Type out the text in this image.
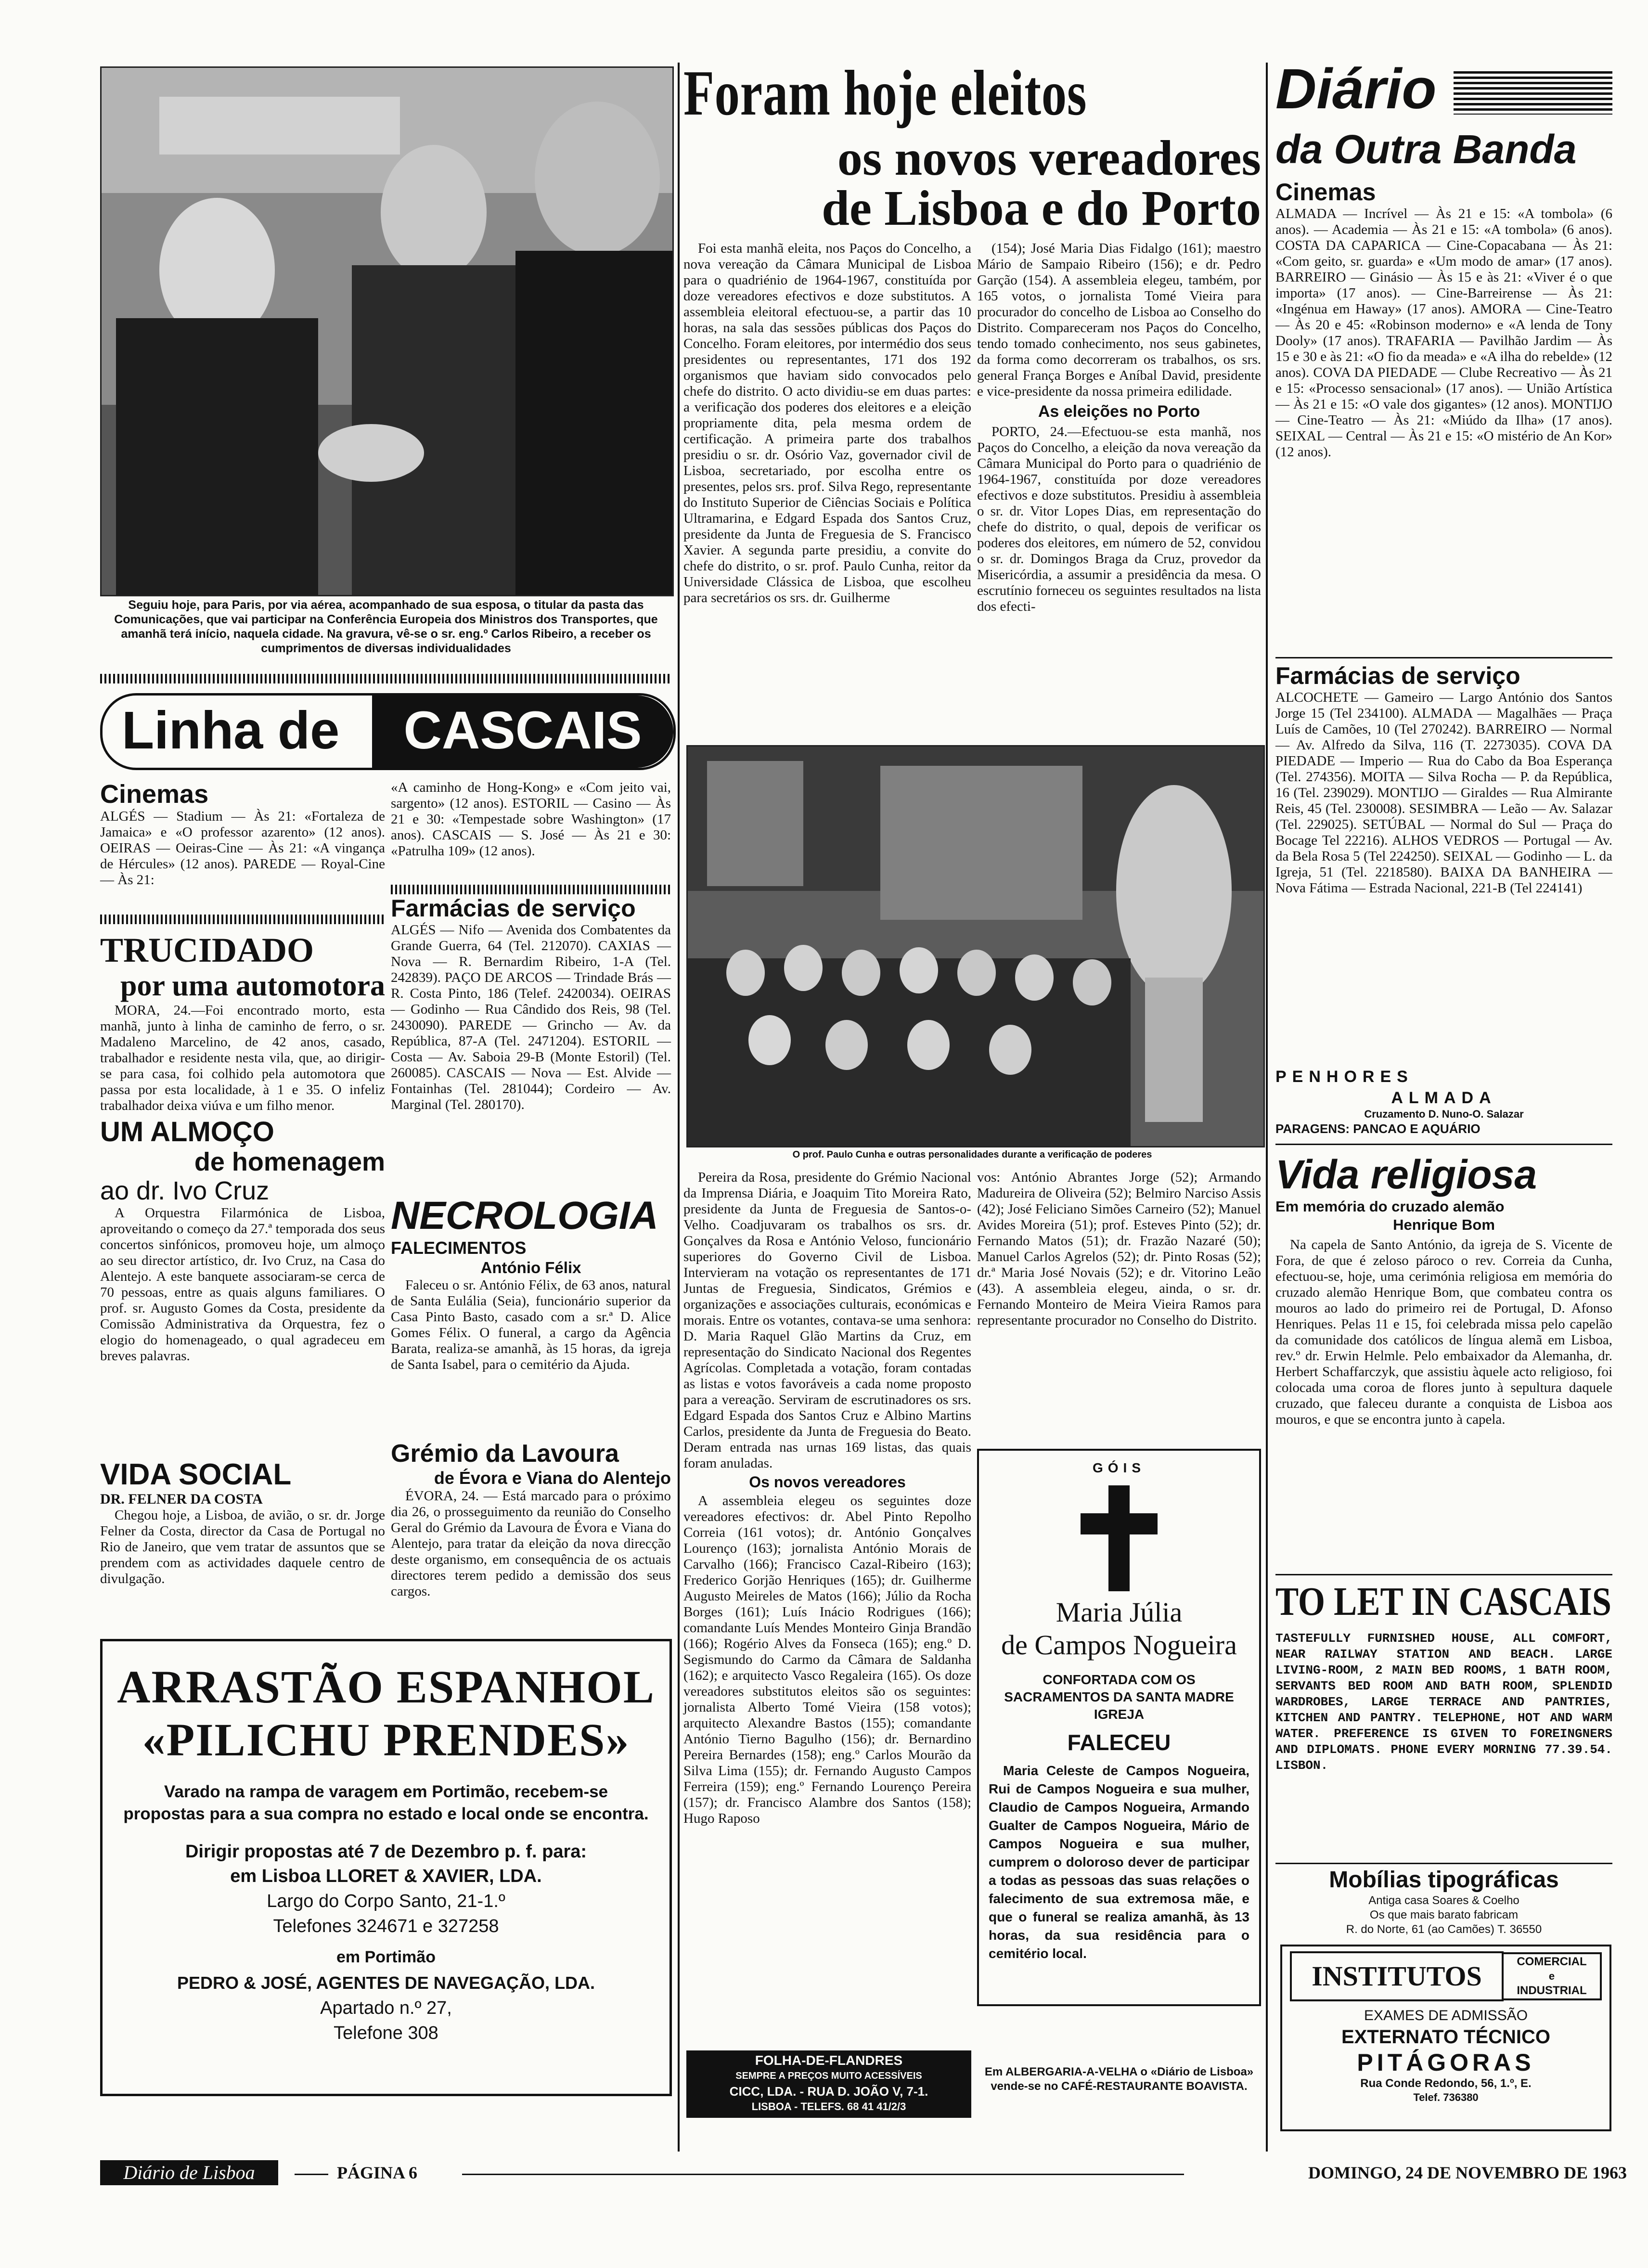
Seguiu hoje, para Paris, por via aérea, acompanhado de sua esposa, o titular da pasta das Comunicações, que vai participar na Conferência Europeia dos Ministros dos Transportes, que amanhã terá início, naquela cidade. Na gravura, vê-se o sr. eng.º Carlos Ribeiro, a receber os cumprimentos de diversas individualidades
Linha de	CASCAIS
Cinemas
ALGÉS — Stadium — Às 21: «Fortaleza de Jamaica» e «O professor azarento» (12 anos). OEIRAS — Oeiras-Cine — Às 21: «A vingança de Hércules» (12 anos). PAREDE — Royal-Cine — Às 21:
TRUCIDADO
por uma automotora
MORA, 24.—Foi encontrado morto, esta manhã, junto à linha de caminho de ferro, o sr. Madaleno Marcelino, de 42 anos, casado, trabalhador e residente nesta vila, que, ao dirigir-se para casa, foi colhido pela automotora que passa por esta localidade, à 1 e 35. O infeliz trabalhador deixa viúva e um filho menor.
UM ALMOÇO
de homenagem
ao dr. Ivo Cruz
A Orquestra Filarmónica de Lisboa, aproveitando o começo da 27.ª temporada dos seus concertos sinfónicos, promoveu hoje, um almoço ao seu director artístico, dr. Ivo Cruz, na Casa do Alentejo. A este banquete associaram-se cerca de 70 pessoas, entre as quais alguns familiares. O prof. sr. Augusto Gomes da Costa, presidente da Comissão Administrativa da Orquestra, fez o elogio do homenageado, o qual agradeceu em breves palavras.
VIDA SOCIAL
DR. FELNER DA COSTA
Chegou hoje, a Lisboa, de avião, o sr. dr. Jorge Felner da Costa, director da Casa de Portugal no Rio de Janeiro, que vem tratar de assuntos que se prendem com as actividades daquele centro de divulgação.
«A caminho de Hong-Kong» e «Com jeito vai, sargento» (12 anos). ESTORIL — Casino — Às 21 e 30: «Tempestade sobre Washington» (17 anos). CASCAIS — S. José — Às 21 e 30: «Patrulha 109» (12 anos).
Farmácias de serviço
ALGÉS — Nifo — Avenida dos Combatentes da Grande Guerra, 64 (Tel. 212070). CAXIAS — Nova — R. Bernardim Ribeiro, 1-A (Tel. 242839). PAÇO DE ARCOS — Trindade Brás — R. Costa Pinto, 186 (Telef. 2420034). OEIRAS — Godinho — Rua Cândido dos Reis, 98 (Tel. 2430090). PAREDE — Grincho — Av. da República, 87-A (Tel. 2471204). ESTORIL — Costa — Av. Saboia 29-B (Monte Estoril) (Tel. 260085). CASCAIS — Nova — Est. Alvide —Fontainhas (Tel. 281044); Cordeiro — Av. Marginal (Tel. 280170).
NECROLOGIA
FALECIMENTOS
António Félix
Faleceu o sr. António Félix, de 63 anos, natural de Santa Eulália (Seia), funcionário superior da Casa Pinto Basto, casado com a sr.ª D. Alice Gomes Félix. O funeral, a cargo da Agência Barata, realiza-se amanhã, às 15 horas, da igreja de Santa Isabel, para o cemitério da Ajuda.
Grémio da Lavoura
de Évora e Viana do Alentejo
ÉVORA, 24. — Está marcado para o próximo dia 26, o prosseguimento da reunião do Conselho Geral do Grémio da Lavoura de Évora e Viana do Alentejo, para tratar da eleição da nova direcção deste organismo, em consequência de os actuais directores terem pedido a demissão dos seus cargos.
ARRASTÃO ESPANHOL
«PILICHU PRENDES»
Varado na rampa de varagem em Portimão, recebem-se propostas para a sua compra no estado e local onde se encontra.
Dirigir propostas até 7 de Dezembro p. f. para:
em Lisboa LLORET & XAVIER, LDA.
Largo do Corpo Santo, 21-1.º
Telefones 324671 e 327258
em Portimão
PEDRO & JOSÉ, AGENTES DE NAVEGAÇÃO, LDA.
Apartado n.º 27,
Telefone 308
Foram hoje eleitos
os novos vereadores
de Lisboa e do Porto
Foi esta manhã eleita, nos Paços do Concelho, a nova vereação da Câmara Municipal de Lisboa para o quadriénio de 1964-1967, constituída por doze vereadores efectivos e doze substitutos. A assembleia eleitoral efectuou-se, a partir das 10 horas, na sala das sessões públicas dos Paços do Concelho. Foram eleitores, por intermédio dos seus presidentes ou representantes, 171 dos 192 organismos que haviam sido convocados pelo chefe do distrito. O acto dividiu-se em duas partes: a verificação dos poderes dos eleitores e a eleição propriamente dita, pela mesma ordem de certificação. A primeira parte dos trabalhos presidiu o sr. dr. Osório Vaz, governador civil de Lisboa, secretariado, por escolha entre os presentes, pelos srs. prof. Silva Rego, representante do Instituto Superior de Ciências Sociais e Política Ultramarina, e Edgard Espada dos Santos Cruz, presidente da Junta de Freguesia de S. Francisco Xavier. A segunda parte presidiu, a convite do chefe do distrito, o sr. prof. Paulo Cunha, reitor da Universidade Clássica de Lisboa, que escolheu para secretários os srs. dr. Guilherme
(154); José Maria Dias Fidalgo (161); maestro Mário de Sampaio Ribeiro (156); e dr. Pedro Garção (154). A assembleia elegeu, também, por 165 votos, o jornalista Tomé Vieira para procurador do concelho de Lisboa ao Conselho do Distrito. Compareceram nos Paços do Concelho, tendo tomado conhecimento, nos seus gabinetes, da forma como decorreram os trabalhos, os srs. general França Borges e Aníbal David, presidente e vice-presidente da nossa primeira edilidade.
As eleições no Porto
PORTO, 24.—Efectuou-se esta manhã, nos Paços do Concelho, a eleição da nova vereação da Câmara Municipal do Porto para o quadriénio de 1964-1967, constituída por doze vereadores efectivos e doze substitutos. Presidiu à assembleia o sr. dr. Vitor Lopes Dias, em representação do chefe do distrito, o qual, depois de verificar os poderes dos eleitores, em número de 52, convidou o sr. dr. Domingos Braga da Cruz, provedor da Misericórdia, a assumir a presidência da mesa. O escrutínio forneceu os seguintes resultados na lista dos efecti-
O prof. Paulo Cunha e outras personalidades durante a verificação de poderes
Pereira da Rosa, presidente do Grémio Nacional da Imprensa Diária, e Joaquim Tito Moreira Rato, presidente da Junta de Freguesia de Santos-o-Velho. Coadjuvaram os trabalhos os srs. dr. Gonçalves da Rosa e António Veloso, funcionário superiores do Governo Civil de Lisboa. Intervieram na votação os representantes de 171 Juntas de Freguesia, Sindicatos, Grémios e organizações e associações culturais, económicas e morais. Entre os votantes, contava-se uma senhora: D. Maria Raquel Glão Martins da Cruz, em representação do Sindicato Nacional dos Regentes Agrícolas. Completada a votação, foram contadas as listas e votos favoráveis a cada nome proposto para a vereação. Serviram de escrutinadores os srs. Edgard Espada dos Santos Cruz e Albino Martins Carlos, presidente da Junta de Freguesia do Beato. Deram entrada nas urnas 169 listas, das quais foram anuladas.
Os novos vereadores
A assembleia elegeu os seguintes doze vereadores efectivos: dr. Abel Pinto Repolho Correia (161 votos); dr. António Gonçalves Lourenço (163); jornalista António Morais de Carvalho (166); Francisco Cazal-Ribeiro (163); Frederico Gorjão Henriques (165); dr. Guilherme Augusto Meireles de Matos (166); Júlio da Rocha Borges (161); Luís Inácio Rodrigues (166); comandante Luís Mendes Monteiro Ginja Brandão (166); Rogério Alves da Fonseca (165); eng.º D. Segismundo do Carmo da Câmara de Saldanha (162); e arquitecto Vasco Regaleira (165). Os doze vereadores substitutos eleitos são os seguintes: jornalista Alberto Tomé Vieira (158 votos); arquitecto Alexandre Bastos (155); comandante António Tierno Bagulho (156); dr. Bernardino Pereira Bernardes (158); eng.º Carlos Mourão da Silva Lima (155); dr. Fernando Augusto Campos Ferreira (159); eng.º Fernando Lourenço Pereira (157); dr. Francisco Alambre dos Santos (158); Hugo Raposo
vos: António Abrantes Jorge (52); Armando Madureira de Oliveira (52); Belmiro Narciso Assis (42); José Feliciano Simões Carneiro (52); Manuel Avides Moreira (51); prof. Esteves Pinto (52); dr. Fernando Matos (51); dr. Frazão Nazaré (50); Manuel Carlos Agrelos (52); dr. Pinto Rosas (52); dr.ª Maria José Novais (52); e dr. Vitorino Leão (43). A assembleia elegeu, ainda, o sr. dr. Fernando Monteiro de Meira Vieira Ramos para representante procurador no Conselho do Distrito.
FOLHA-DE-FLANDRES
SEMPRE A PREÇOS MUITO ACESSÍVEIS
CICC, LDA. - RUA D. JOÃO V, 7-1.
LISBOA - TELEFS. 68 41 41/2/3
GÓIS
Maria Júlia
de Campos Nogueira
CONFORTADA COM OS SACRAMENTOS DA SANTA MADRE IGREJA
FALECEU
Maria Celeste de Campos Nogueira, Rui de Campos Nogueira e sua mulher, Claudio de Campos Nogueira, Armando Gualter de Campos Nogueira, Mário de Campos Nogueira e sua mulher, cumprem o doloroso dever de participar a todas as pessoas das suas relações o falecimento de sua extremosa mãe, e que o funeral se realiza amanhã, às 13 horas, da sua residência para o cemitério local.
Em ALBERGARIA-A-VELHA o «Diário de Lisboa» vende-se no CAFÉ-RESTAURANTE BOAVISTA.
Diário
da Outra Banda
Cinemas
ALMADA — Incrível — Às 21 e 15: «A tombola» (6 anos). — Academia — Às 21 e 15: «A tombola» (6 anos). COSTA DA CAPARICA — Cine-Copacabana — Às 21: «Com geito, sr. guarda» e «Um modo de amar» (17 anos). BARREIRO — Ginásio — Às 15 e às 21: «Viver é o que importa» (17 anos). — Cine-Barreirense — Às 21: «Ingénua em Haway» (17 anos). AMORA — Cine-Teatro — Às 20 e 45: «Robinson moderno» e «A lenda de Tony Dooly» (17 anos). TRAFARIA — Pavilhão Jardim — Às 15 e 30 e às 21: «O fio da meada» e «A ilha do rebelde» (12 anos). COVA DA PIEDADE — Clube Recreativo — Às 21 e 15: «Processo sensacional» (17 anos). — União Artística — Às 21 e 15: «O vale dos gigantes» (12 anos). MONTIJO — Cine-Teatro — Às 21: «Miúdo da Ilha» (17 anos). SEIXAL — Central — Às 21 e 15: «O mistério de An Kor» (12 anos).
Farmácias de serviço
ALCOCHETE — Gameiro — Largo António dos Santos Jorge 15 (Tel 234100). ALMADA — Magalhães — Praça Luís de Camões, 10 (Tel 270242). BARREIRO — Normal — Av. Alfredo da Silva, 116 (T. 2273035). COVA DA PIEDADE — Imperio — Rua do Cabo da Boa Esperança (Tel. 274356). MOITA — Silva Rocha — P. da República, 16 (Tel. 239029). MONTIJO — Giraldes — Rua Almirante Reis, 45 (Tel. 230008). SESIMBRA — Leão — Av. Salazar (Tel. 229025). SETÚBAL — Normal do Sul — Praça do Bocage Tel 22216). ALHOS VEDROS — Portugal — Av. da Bela Rosa 5 (Tel 224250). SEIXAL — Godinho — L. da Igreja, 51 (Tel. 2218580). BAIXA DA BANHEIRA — Nova Fátima — Estrada Nacional, 221-B (Tel 224141)
PENHORES
ALMADA
Cruzamento D. Nuno-O. Salazar
PARAGENS: PANCAO E AQUÁRIO
Vida religiosa
Em memória do cruzado alemão
Henrique Bom
Na capela de Santo António, da igreja de S. Vicente de Fora, de que é zeloso pároco o rev. Correia da Cunha, efectuou-se, hoje, uma cerimónia religiosa em memória do cruzado alemão Henrique Bom, que combateu contra os mouros ao lado do primeiro rei de Portugal, D. Afonso Henriques. Pelas 11 e 15, foi celebrada missa pelo capelão da comunidade dos católicos de língua alemã em Lisboa, rev.º dr. Erwin Helmle. Pelo embaixador da Alemanha, dr. Herbert Schaffarczyk, que assistiu àquele acto religioso, foi colocada uma coroa de flores junto à sepultura daquele cruzado, que faleceu durante a conquista de Lisboa aos mouros, e que se encontra junto à capela.
TO LET IN CASCAIS
TASTEFULLY FURNISHED HOUSE, ALL COMFORT, NEAR RAILWAY STATION AND BEACH. LARGE LIVING-ROOM, 2 MAIN BED ROOMS, 1 BATH ROOM, SERVANTS BED ROOM AND BATH ROOM, SPLENDID WARDROBES, LARGE TERRACE AND PANTRIES, KITCHEN AND PANTRY. TELEPHONE, HOT AND WARM WATER. PREFERENCE IS GIVEN TO FOREINGNERS AND DIPLOMATS. PHONE EVERY MORNING 77.39.54. LISBON.
Mobílias tipográficas
Antiga casa Soares & Coelho
Os que mais barato fabricam
R. do Norte, 61 (ao Camões) T. 36550
INSTITUTOS	COMERCIAL
e
INDUSTRIAL
EXAMES DE ADMISSÃO
EXTERNATO TÉCNICO
PITÁGORAS
Rua Conde Redondo, 56, 1.º, E.
Telef. 736380
Diário de Lisboa	PÁGINA 6	DOMINGO, 24 DE NOVEMBRO DE 1963
